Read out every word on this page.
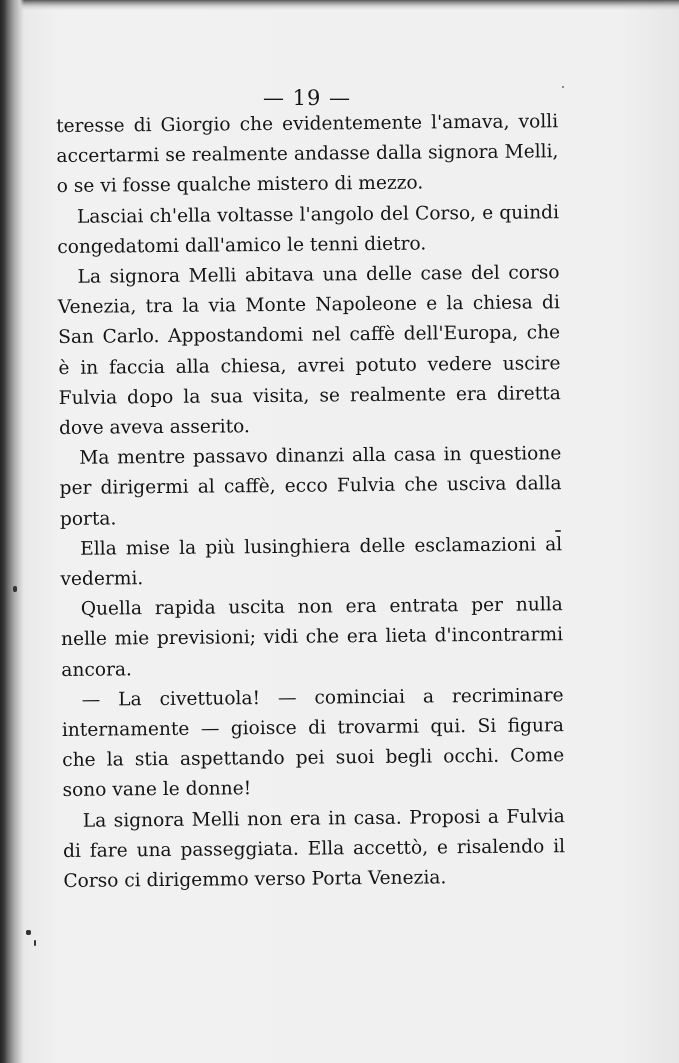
— 19 —

teresse di Giorgio che evidentemente l'amava, volli accertarmi se realmente andasse dalla signora Melli, o se vi fosse qualche mistero di mezzo.

Lasciai ch'ella voltasse l'angolo del Corso, e quindi congedatomi dall'amico le tenni dietro.

La signora Melli abitava una delle case del corso Venezia, tra la via Monte Napoleone e la chiesa di San Carlo. Appostandomi nel caffè dell'Europa, che è in faccia alla chiesa, avrei potuto vedere uscire Fulvia dopo la sua visita, se realmente era diretta dove aveva asserito.

Ma mentre passavo dinanzi alla casa in questione per dirigermi al caffè, ecco Fulvia che usciva dalla porta.

Ella mise la più lusinghiera delle esclamazioni al vedermi.

Quella rapida uscita non era entrata per nulla nelle mie previsioni; vidi che era lieta d'incontrarmi ancora.

— La civettuola! — cominciai a recriminare internamente — gioisce di trovarmi qui. Si figura che la stia aspettando pei suoi begli occhi. Come sono vane le donne!

La signora Melli non era in casa. Proposi a Fulvia di fare una passeggiata. Ella accettò, e risalendo il Corso ci dirigemmo verso Porta Venezia.
